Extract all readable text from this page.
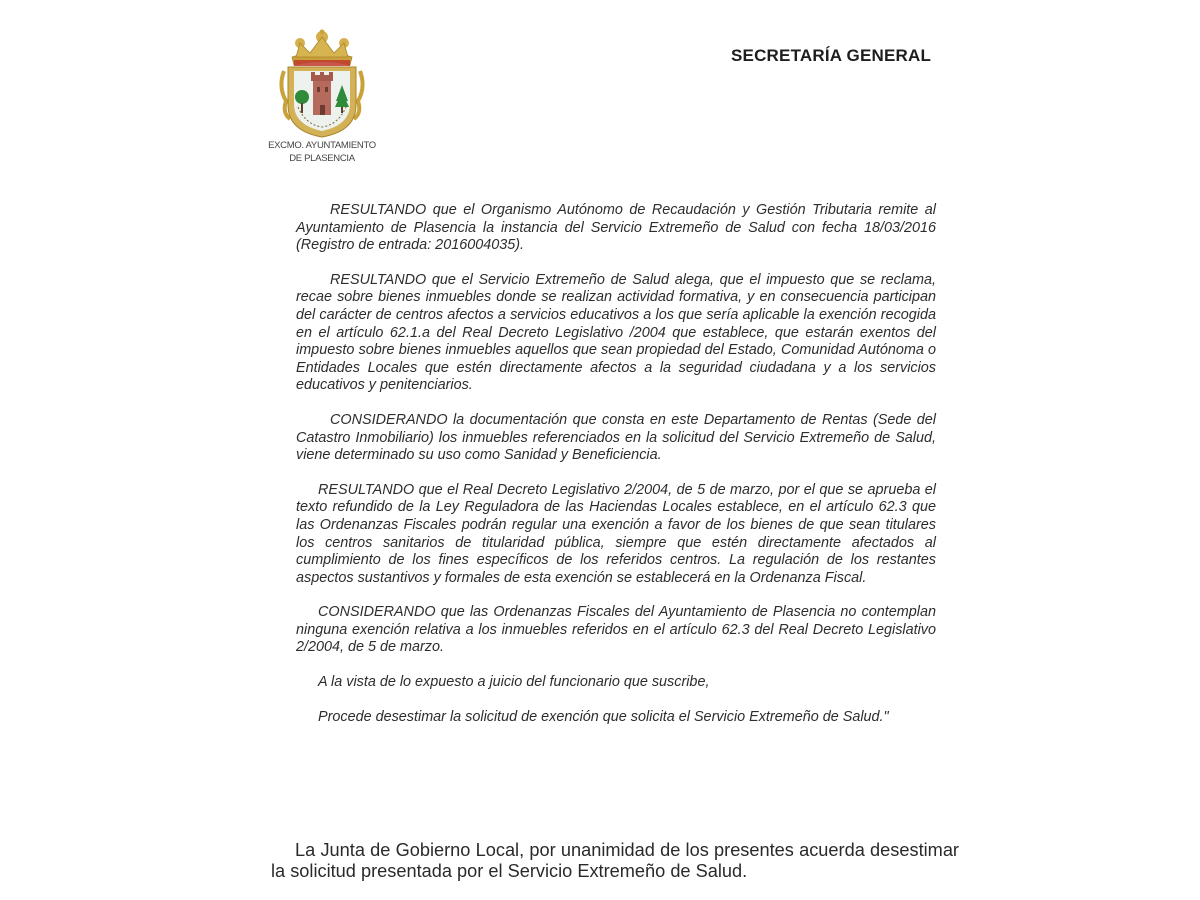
EXCMO. AYUNTAMIENTO
DE PLASENCIA
SECRETARÍA GENERAL

RESULTANDO que el Organismo Autónomo de Recaudación y Gestión Tributaria remite al Ayuntamiento de Plasencia la instancia del Servicio Extremeño de Salud con fecha 18/03/2016 (Registro de entrada: 2016004035).

RESULTANDO que el Servicio Extremeño de Salud alega, que el impuesto que se reclama, recae sobre bienes inmuebles donde se realizan actividad formativa, y en consecuencia participan del carácter de centros afectos a servicios educativos a los que sería aplicable la exención recogida en el artículo 62.1.a del Real Decreto Legislativo /2004 que establece, que estarán exentos del impuesto sobre bienes inmuebles aquellos que sean propiedad del Estado, Comunidad Autónoma o Entidades Locales que estén directamente afectos a la seguridad ciudadana y a los servicios educativos y penitenciarios.

CONSIDERANDO la documentación que consta en este Departamento de Rentas (Sede del Catastro Inmobiliario) los inmuebles referenciados en la solicitud del Servicio Extremeño de Salud, viene determinado su uso como Sanidad y Beneficiencia.

RESULTANDO que el Real Decreto Legislativo 2/2004, de 5 de marzo, por el que se aprueba el texto refundido de la Ley Reguladora de las Haciendas Locales establece, en el artículo 62.3 que las Ordenanzas Fiscales podrán regular una exención a favor de los bienes de que sean titulares los centros sanitarios de titularidad pública, siempre que estén directamente afectados al cumplimiento de los fines específicos de los referidos centros. La regulación de los restantes aspectos sustantivos y formales de esta exención se establecerá en la Ordenanza Fiscal.

CONSIDERANDO que las Ordenanzas Fiscales del Ayuntamiento de Plasencia no contemplan ninguna exención relativa a los inmuebles referidos en el artículo 62.3 del Real Decreto Legislativo 2/2004, de 5 de marzo.

A la vista de lo expuesto a juicio del funcionario que suscribe,

Procede desestimar la solicitud de exención que solicita el Servicio Extremeño de Salud."

La Junta de Gobierno Local, por unanimidad de los presentes acuerda desestimar la solicitud presentada por el Servicio Extremeño de Salud.
